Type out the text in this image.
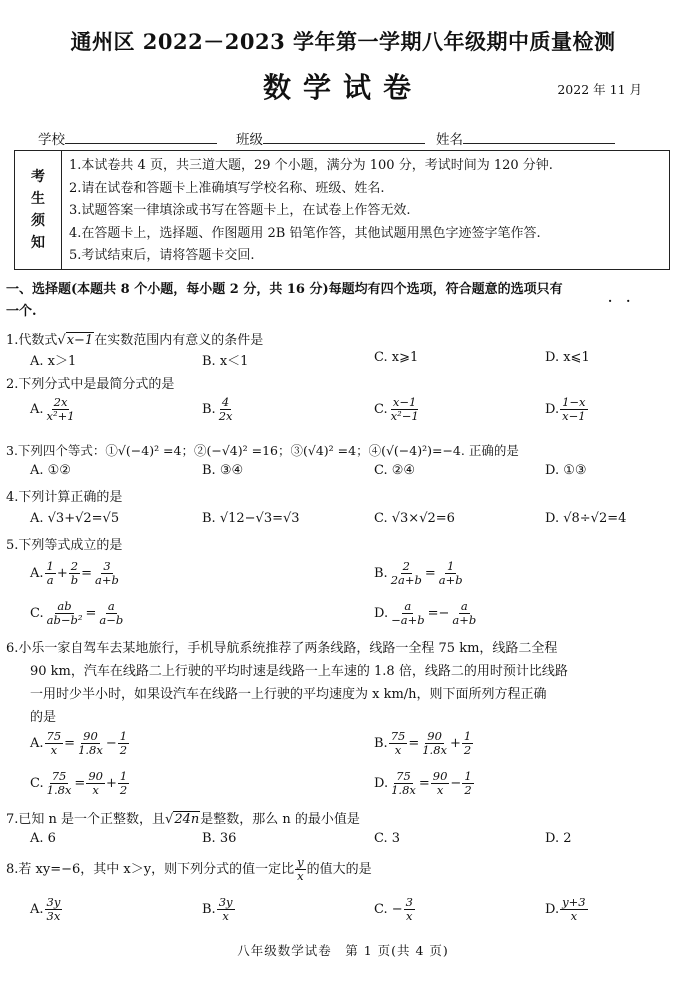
通州区 2022－2023 学年第一学期八年级期中质量检测
数学试卷	2022 年 11 月
学校	班级	姓名
考
生
须
知
1.本试卷共 4 页，共三道大题，29 个小题，满分为 100 分，考试时间为 120 分钟.
2.请在试卷和答题卡上准确填写学校名称、班级、姓名.
3.试题答案一律填涂或书写在答题卡上，在试卷上作答无效.
4.在答题卡上，选择题、作图题用 2B 铅笔作答，其他试题用黑色字迹签字笔作答.
5.考试结束后，请将答题卡交回.
一、选择题(本题共 8 个小题，每小题 2 分，共 16 分)每题均有四个选项，符合题意的选项只有
··
一个.
1.代数式√x−1在实数范围内有意义的条件是
A. x＞1	B. x＜1	C. x⩾1	D. x⩽1
2.下列分式中是最简分式的是
A. $\frac{2x}{\text{x²+1}}$	B. $\frac{4}{2x}$	C. $\frac{x-1}{\text{x²−1}}$	D. $\frac{1-x}{x-1}$
3.下列四个等式：①√(−4)² =4；②(−√4)² =16；③(√4)² =4；④(√(−4)²)=−4. 正确的是
A. ①②	B. ③④	C. ②④	D. ①③
4.下列计算正确的是
A. √3+√2=√5	B. √12−√3=√3	C. √3×√2=6	D. √8÷√2=4
5.下列等式成立的是
A. $\frac{1}{a} + \frac{2}{b} = \frac{3}{a+b}$	B. $\frac{2}{2a+b} = \frac{1}{a+b}$
C. $\frac{ab}{\text{ab−b²}} = \frac{a}{a-b}$	D. $\frac{a}{-a+b} =- \frac{a}{a+b}$
6.小乐一家自驾车去某地旅行，手机导航系统推荐了两条线路，线路一全程 75 km，线路二全程
90 km，汽车在线路二上行驶的平均时速是线路一上车速的 1.8 倍，线路二的用时预计比线路
一用时少半小时，如果设汽车在线路一上行驶的平均速度为 x km/h，则下面所列方程正确
的是
A. $\frac{75}{x} = \frac{90}{1.8x} - \frac{1}{2}$	B. $\frac{75}{x} = \frac{90}{1.8x} + \frac{1}{2}$
C. $\frac{75}{1.8x} = \frac{90}{x} + \frac{1}{2}$	D. $\frac{75}{1.8x} = \frac{90}{x} - \frac{1}{2}$
7.已知 n 是一个正整数，且√24n是整数，那么 n 的最小值是
A. 6	B. 36	C. 3	D. 2
8.若 xy=−6，其中 x＞y，则下列分式的值一定比 $\frac{y}{x}$ 的值大的是
A. $\frac{3y}{3x}$	B. $\frac{3y}{x}$	C. − $\frac{3}{x}$	D. $\frac{y+3}{x}$
八年级数学试卷　第 1 页(共 4 页)
